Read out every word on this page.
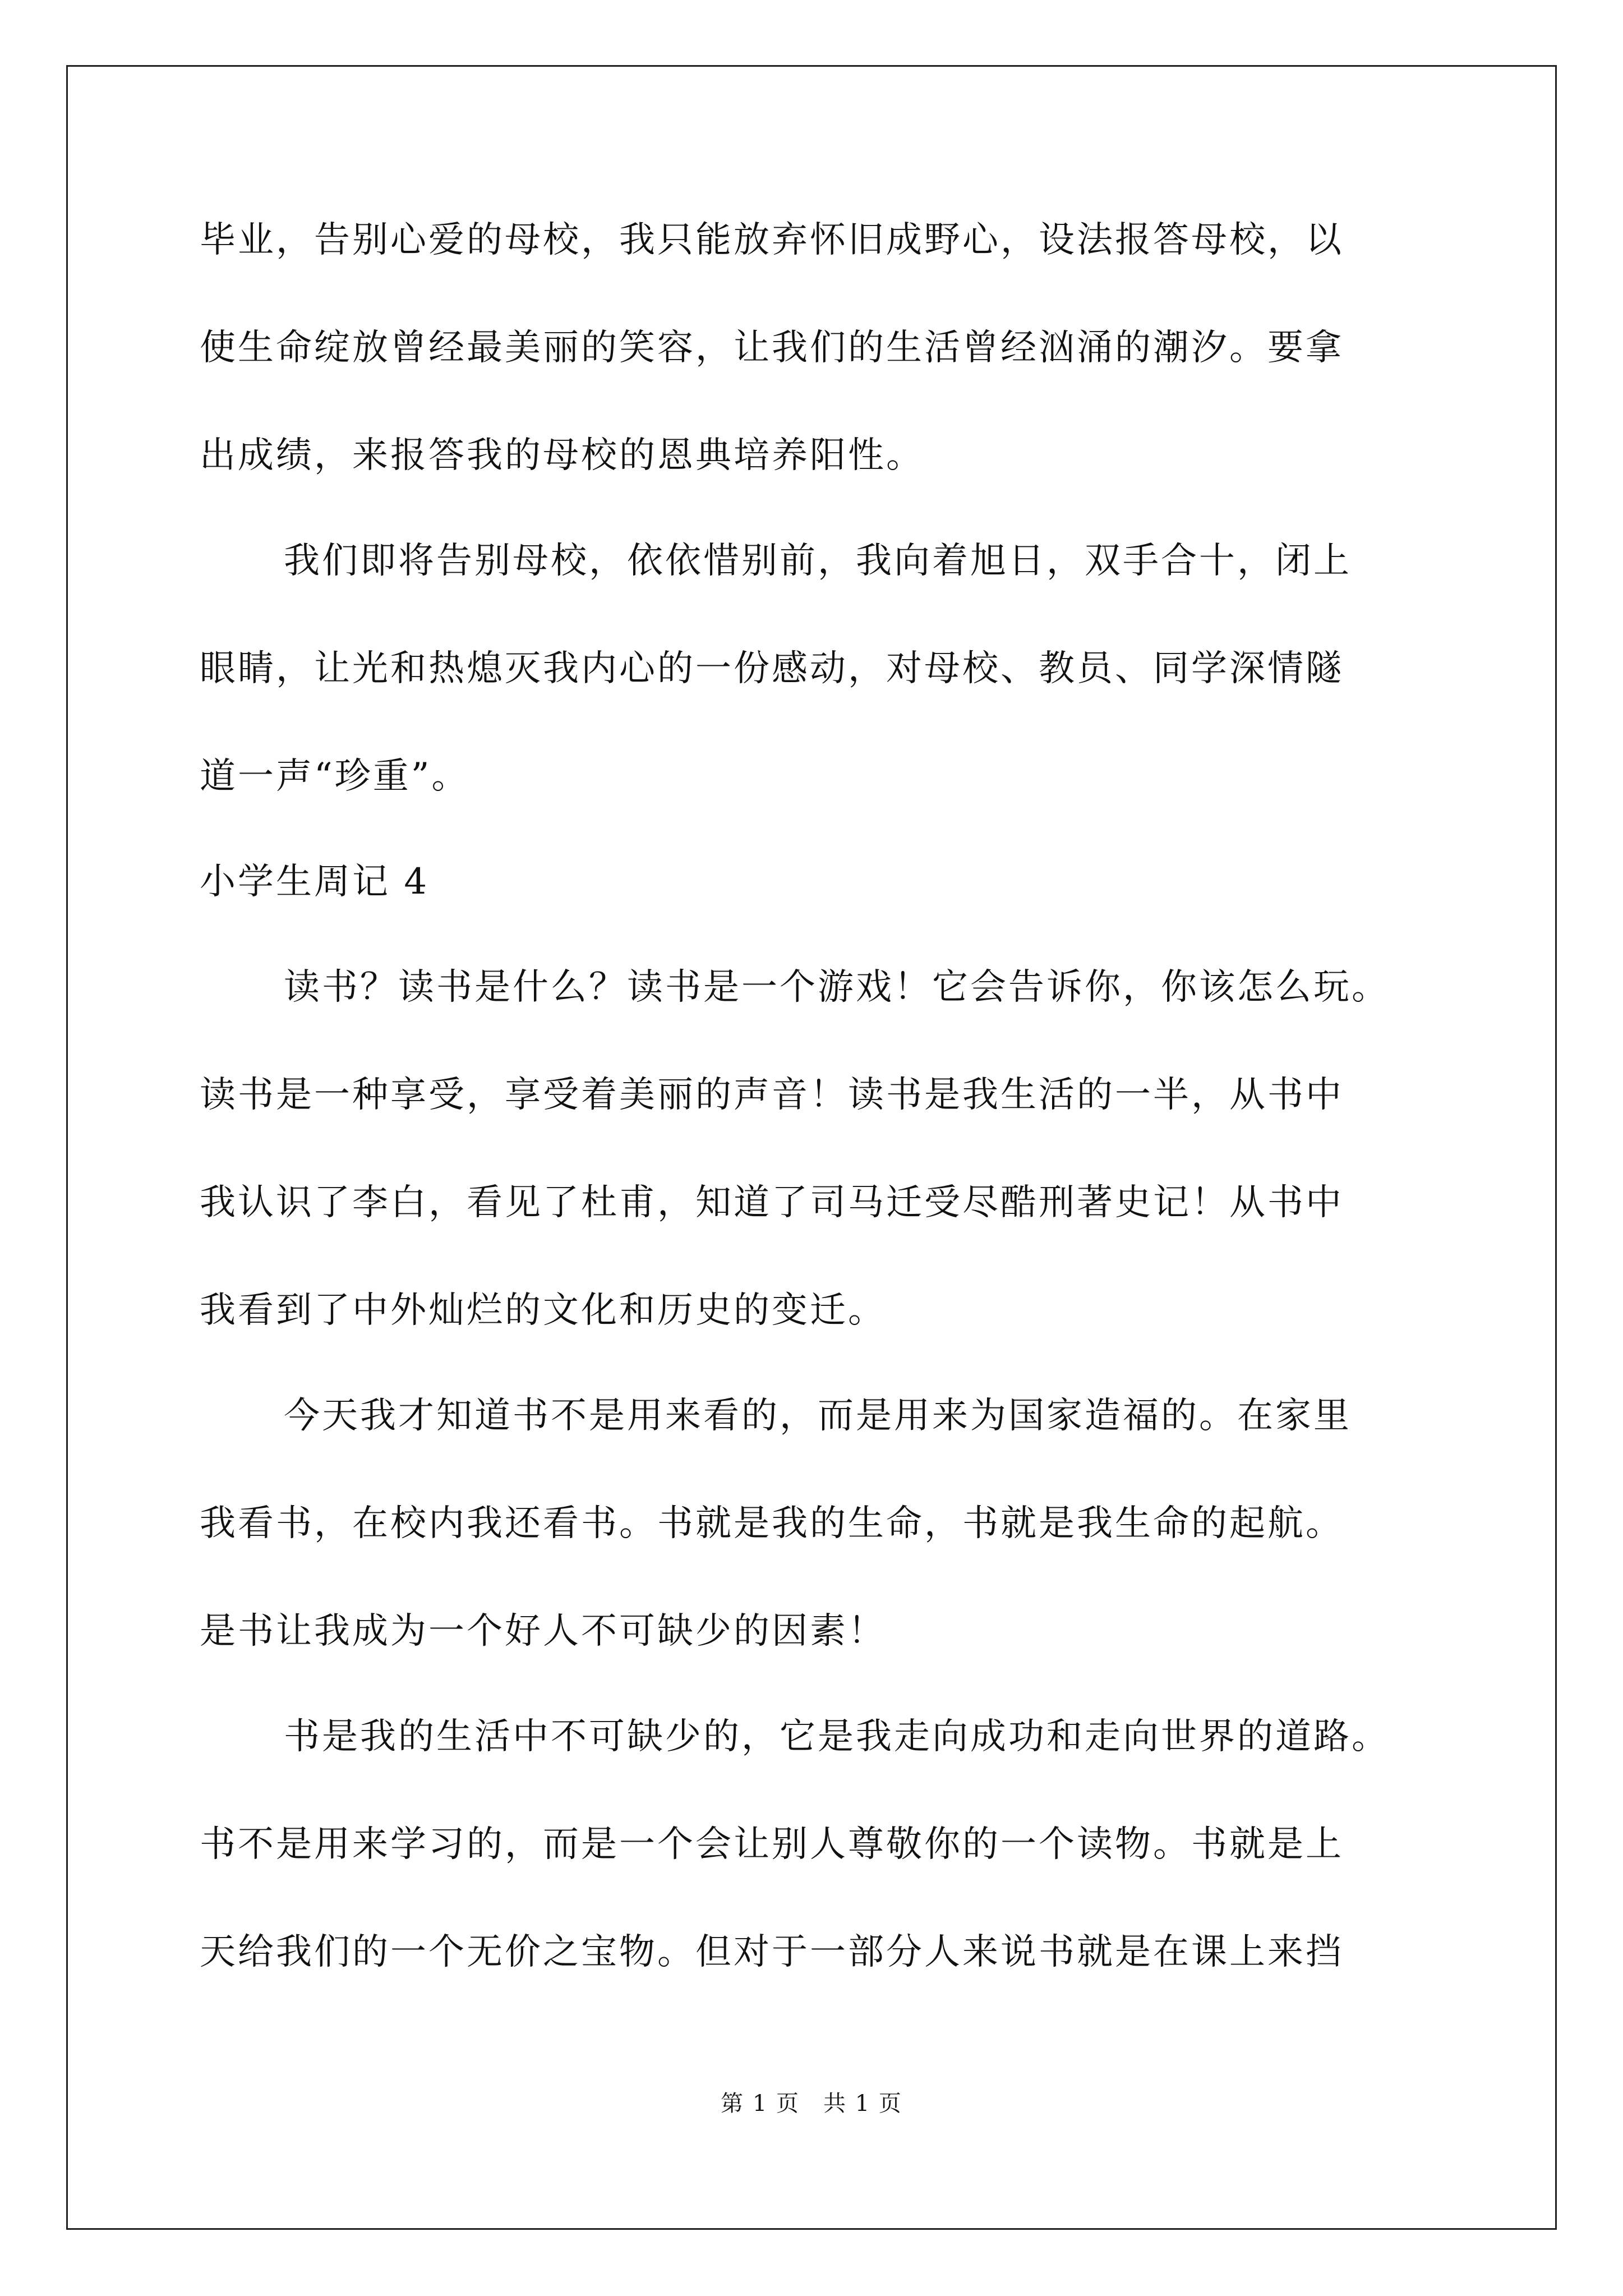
毕业，告别心爱的母校，我只能放弃怀旧成野心，设法报答母校，以
使生命绽放曾经最美丽的笑容，让我们的生活曾经汹涌的潮汐。要拿
出成绩，来报答我的母校的恩典培养阳性。
我们即将告别母校，依依惜别前，我向着旭日，双手合十，闭上
眼睛，让光和热熄灭我内心的一份感动，对母校、教员、同学深情隧
道一声“珍重”。
小学生周记 4
读书？读书是什么？读书是一个游戏！它会告诉你，你该怎么玩。
读书是一种享受，享受着美丽的声音！读书是我生活的一半，从书中
我认识了李白，看见了杜甫，知道了司马迁受尽酷刑著史记！从书中
我看到了中外灿烂的文化和历史的变迁。
今天我才知道书不是用来看的，而是用来为国家造福的。在家里
我看书，在校内我还看书。书就是我的生命，书就是我生命的起航。
是书让我成为一个好人不可缺少的因素！
书是我的生活中不可缺少的，它是我走向成功和走向世界的道路。
书不是用来学习的，而是一个会让别人尊敬你的一个读物。书就是上
天给我们的一个无价之宝物。但对于一部分人来说书就是在课上来挡
第 1 页　共 1 页
